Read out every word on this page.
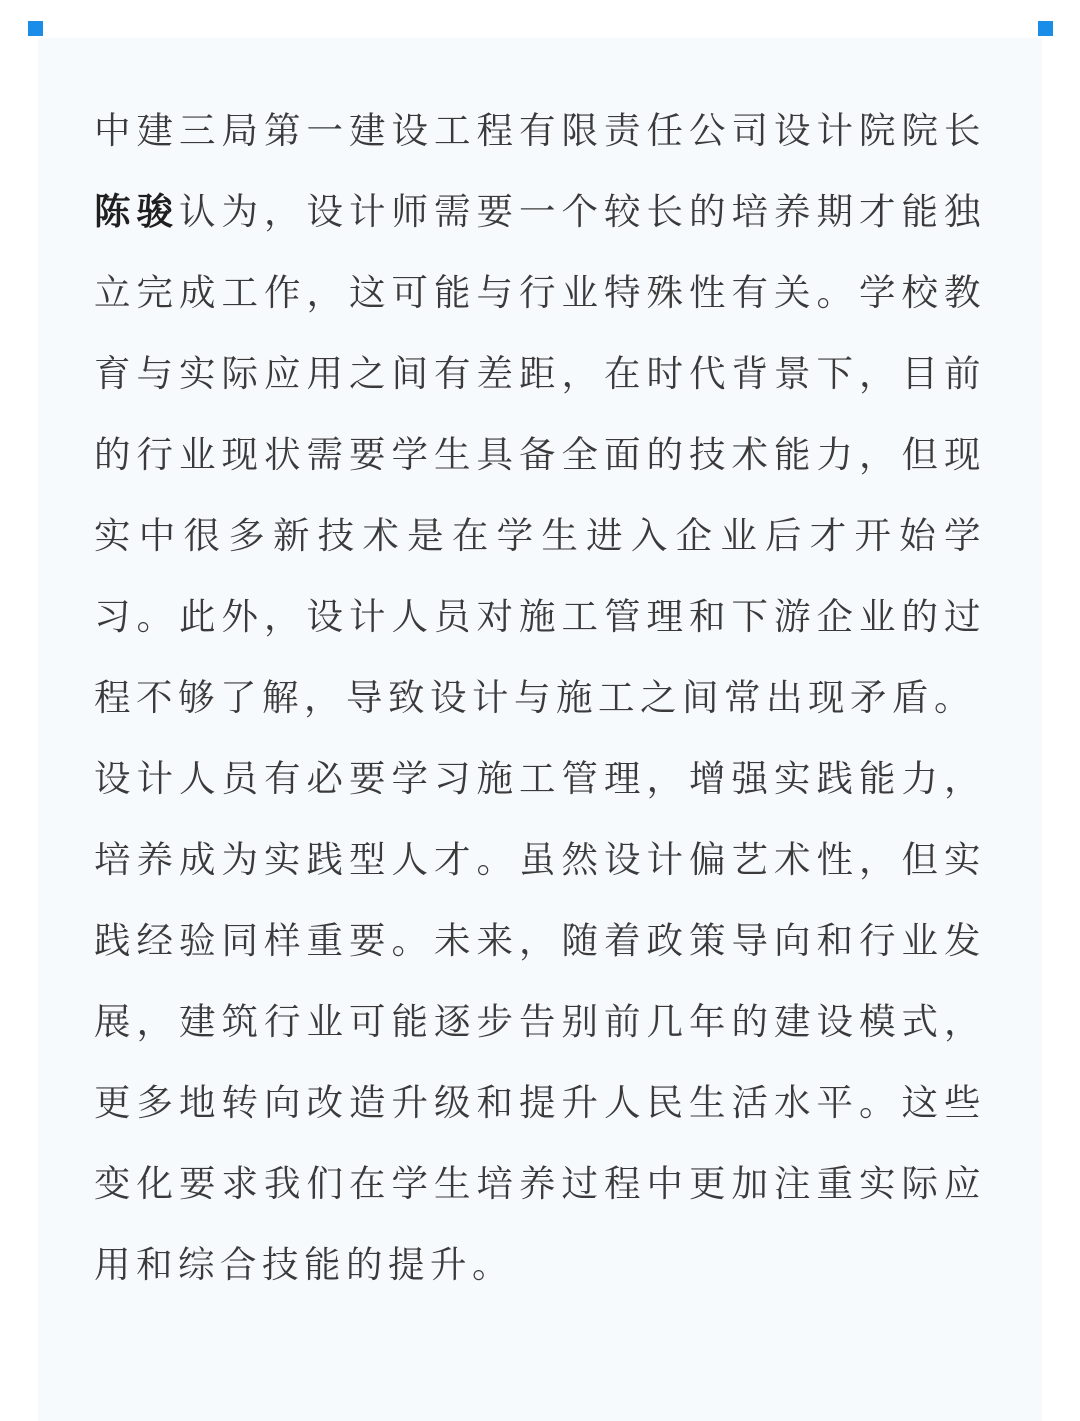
中建三局第一建设工程有限责任公司设计院院长陈骏认为，设计师需要一个较长的培养期才能独立完成工作，这可能与行业特殊性有关。学校教育与实际应用之间有差距，在时代背景下，目前的行业现状需要学生具备全面的技术能力，但现实中很多新技术是在学生进入企业后才开始学习。此外，设计人员对施工管理和下游企业的过程不够了解，导致设计与施工之间常出现矛盾。

设计人员有必要学习施工管理，增强实践能力，培养成为实践型人才。虽然设计偏艺术性，但实践经验同样重要。未来，随着政策导向和行业发展，建筑行业可能逐步告别前几年的建设模式，更多地转向改造升级和提升人民生活水平。这些变化要求我们在学生培养过程中更加注重实际应用和综合技能的提升。
